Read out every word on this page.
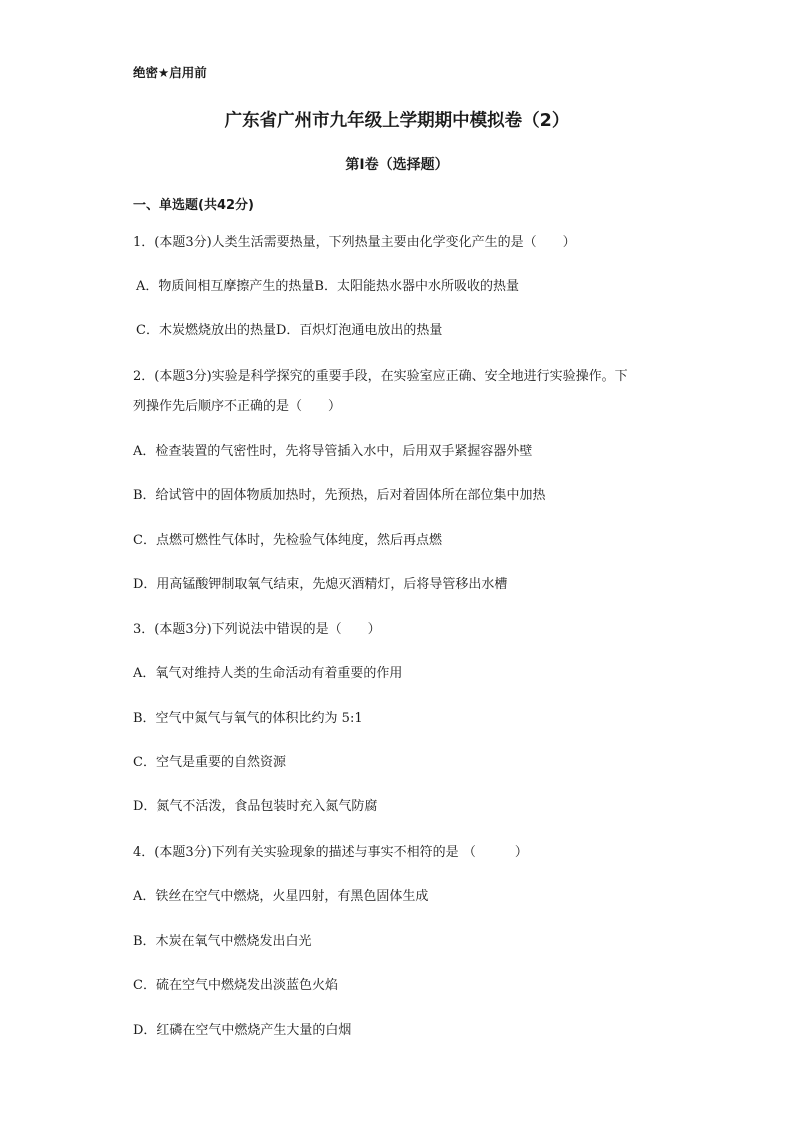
绝密★启用前
广东省广州市九年级上学期期中模拟卷（2）
第I卷（选择题）
一、单选题(共42分)
1．(本题3分)人类生活需要热量，下列热量主要由化学变化产生的是（　　）
A．物质间相互摩擦产生的热量B．太阳能热水器中水所吸收的热量
C．木炭燃烧放出的热量D．百炽灯泡通电放出的热量
2．(本题3分)实验是科学探究的重要手段，在实验室应正确、安全地进行实验操作。下
列操作先后顺序不正确的是（　　）
A．检查装置的气密性时，先将导管插入水中，后用双手紧握容器外壁
B．给试管中的固体物质加热时，先预热，后对着固体所在部位集中加热
C．点燃可燃性气体时，先检验气体纯度，然后再点燃
D．用高锰酸钾制取氧气结束，先熄灭酒精灯，后将导管移出水槽
3．(本题3分)下列说法中错误的是（　　）
A．氧气对维持人类的生命活动有着重要的作用
B．空气中氮气与氧气的体积比约为 5:1
C．空气是重要的自然资源
D．氮气不活泼，食品包装时充入氮气防腐
4．(本题3分)下列有关实验现象的描述与事实不相符的是 （　　　）
A．铁丝在空气中燃烧，火星四射，有黑色固体生成
B．木炭在氧气中燃烧发出白光
C．硫在空气中燃烧发出淡蓝色火焰
D．红磷在空气中燃烧产生大量的白烟
